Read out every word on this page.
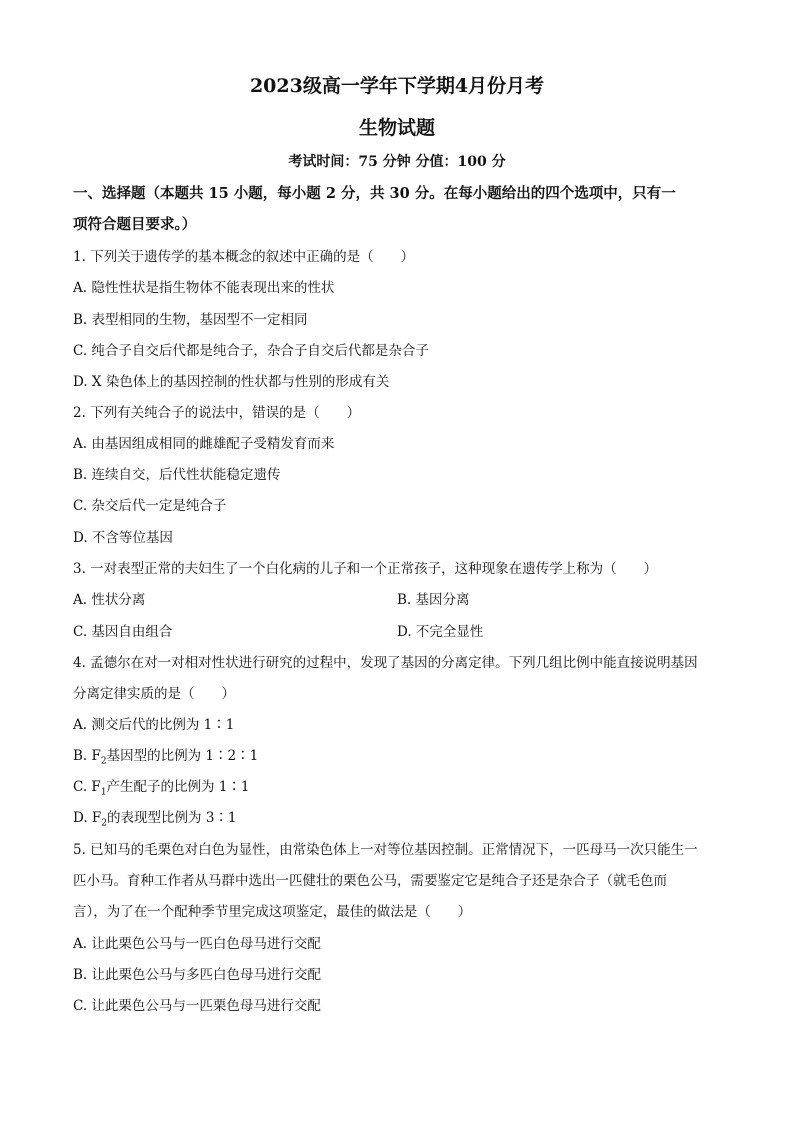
2023级高一学年下学期4月份月考
生物试题
考试时间：75 分钟 分值：100 分
一、选择题（本题共 15 小题，每小题 2 分，共 30 分。在每小题给出的四个选项中，只有一
项符合题目要求。）
1. 下列关于遗传学的基本概念的叙述中正确的是（　　）
A. 隐性性状是指生物体不能表现出来的性状
B. 表型相同的生物，基因型不一定相同
C. 纯合子自交后代都是纯合子，杂合子自交后代都是杂合子
D. X 染色体上的基因控制的性状都与性别的形成有关
2. 下列有关纯合子的说法中，错误的是（　　）
A. 由基因组成相同的雌雄配子受精发育而来
B. 连续自交，后代性状能稳定遗传
C. 杂交后代一定是纯合子
D. 不含等位基因
3. 一对表型正常的夫妇生了一个白化病的儿子和一个正常孩子，这种现象在遗传学上称为（　　）
A. 性状分离	B. 基因分离
C. 基因自由组合	D. 不完全显性
4. 孟德尔在对一对相对性状进行研究的过程中，发现了基因的分离定律。下列几组比例中能直接说明基因
分离定律实质的是（　　）
A. 测交后代的比例为 1∶1
B. $F_2$基因型的比例为 1∶2∶1
C. $F_1$产生配子的比例为 1∶1
D. $F_2$的表现型比例为 3∶1
5. 已知马的毛栗色对白色为显性，由常染色体上一对等位基因控制。正常情况下，一匹母马一次只能生一
匹小马。育种工作者从马群中选出一匹健壮的栗色公马，需要鉴定它是纯合子还是杂合子（就毛色而
言），为了在一个配种季节里完成这项鉴定，最佳的做法是（　　）
A. 让此栗色公马与一匹白色母马进行交配
B. 让此栗色公马与多匹白色母马进行交配
C. 让此栗色公马与一匹栗色母马进行交配
